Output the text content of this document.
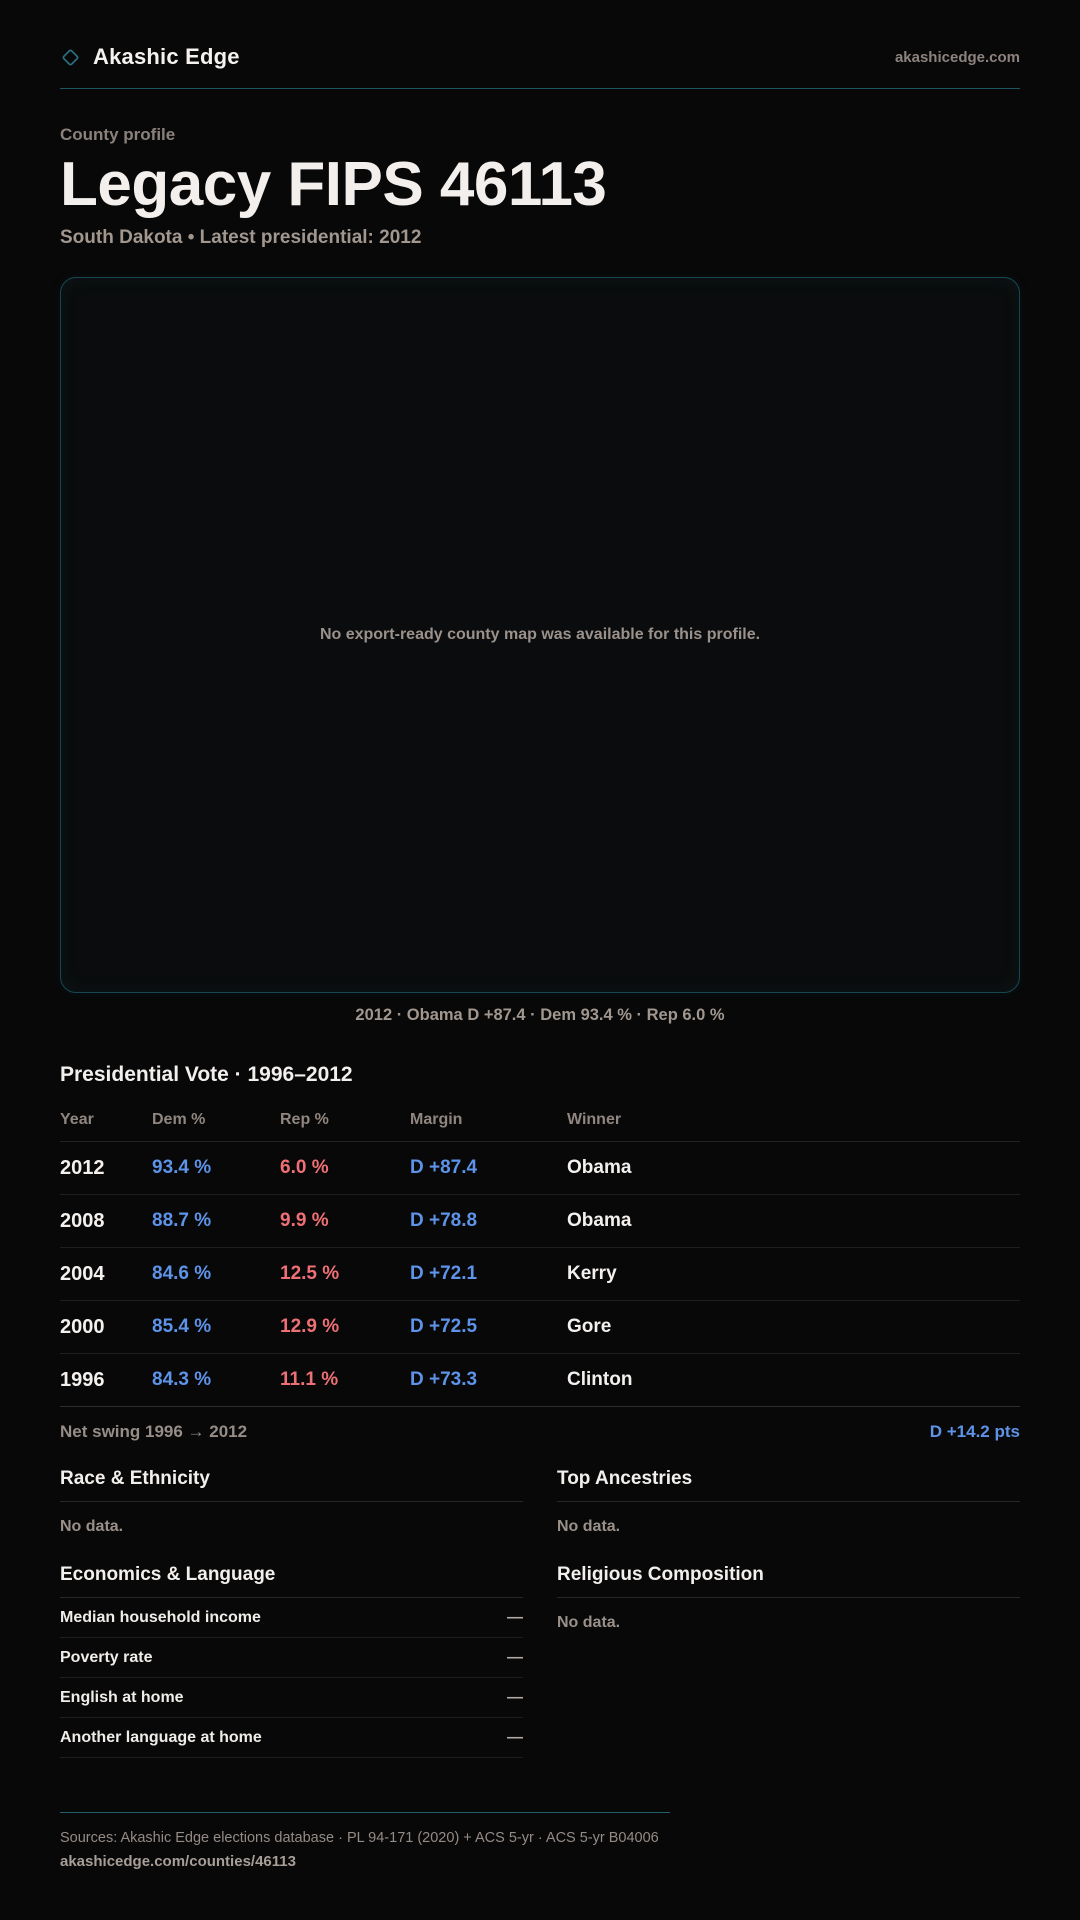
Akashic Edge	akashicedge.com
County profile
Legacy FIPS 46113
South Dakota • Latest presidential: 2012
No export-ready county map was available for this profile.
2012 · Obama D +87.4 · Dem 93.4 % · Rep 6.0 %
Presidential Vote · 1996–2012
Year	Dem %	Rep %	Margin	Winner
2012	93.4 %	6.0 %	D +87.4	Obama
2008	88.7 %	9.9 %	D +78.8	Obama
2004	84.6 %	12.5 %	D +72.1	Kerry
2000	85.4 %	12.9 %	D +72.5	Gore
1996	84.3 %	11.1 %	D +73.3	Clinton
Net swing 1996 → 2012	D +14.2 pts
Race & Ethnicity
No data.
Top Ancestries
No data.
Economics & Language
Median household income	—
Poverty rate	—
English at home	—
Another language at home	—
Religious Composition
No data.
Sources: Akashic Edge elections database · PL 94-171 (2020) + ACS 5-yr · ACS 5-yr B04006
akashicedge.com/counties/46113
